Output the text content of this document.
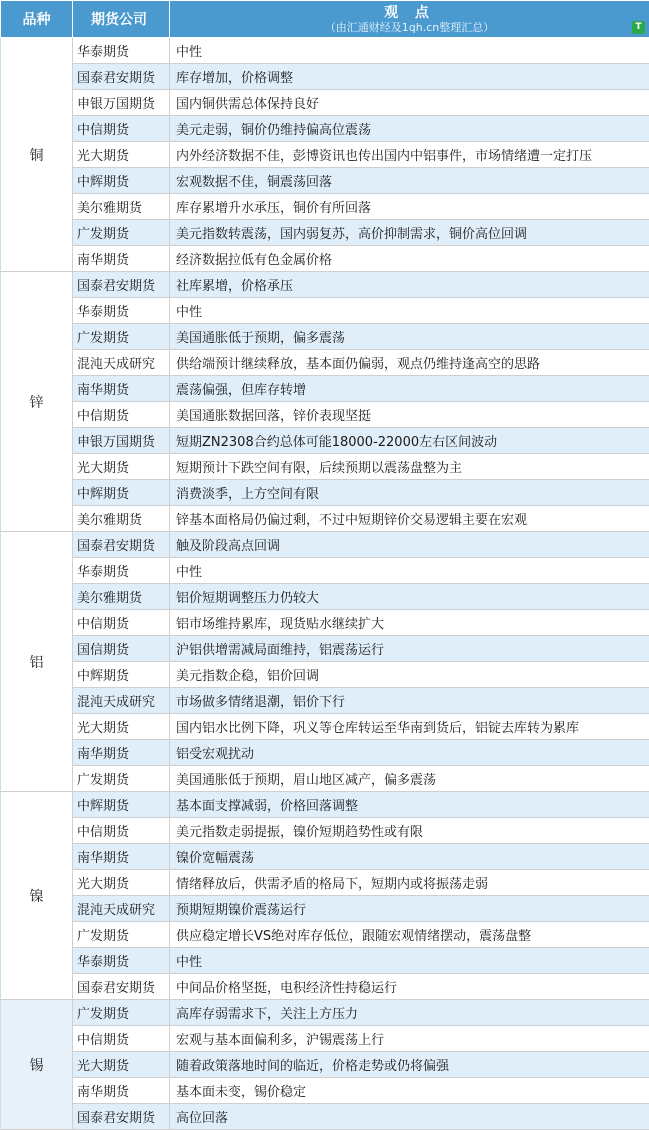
品种	期货公司	观 点
（由汇通财经及1qh.cn整理汇总） T

铜	华泰期货	中性
	国泰君安期货	库存增加，价格调整
	申银万国期货	国内铜供需总体保持良好
	中信期货	美元走弱，铜价仍维持偏高位震荡
	光大期货	内外经济数据不佳，彭博资讯也传出国内中铝事件，市场情绪遭一定打压
	中辉期货	宏观数据不佳，铜震荡回落
	美尔雅期货	库存累增升水承压，铜价有所回落
	广发期货	美元指数转震荡，国内弱复苏，高价抑制需求，铜价高位回调
	南华期货	经济数据拉低有色金属价格
锌	国泰君安期货	社库累增，价格承压
	华泰期货	中性
	广发期货	美国通胀低于预期，偏多震荡
	混沌天成研究	供给端预计继续释放，基本面仍偏弱，观点仍维持逢高空的思路
	南华期货	震荡偏强，但库存转增
	中信期货	美国通胀数据回落，锌价表现坚挺
	申银万国期货	短期ZN2308合约总体可能18000-22000左右区间波动
	光大期货	短期预计下跌空间有限，后续预期以震荡盘整为主
	中辉期货	消费淡季，上方空间有限
	美尔雅期货	锌基本面格局仍偏过剩，不过中短期锌价交易逻辑主要在宏观
铝	国泰君安期货	触及阶段高点回调
	华泰期货	中性
	美尔雅期货	铝价短期调整压力仍较大
	中信期货	铝市场维持累库，现货贴水继续扩大
	国信期货	沪铝供增需减局面维持，铝震荡运行
	中辉期货	美元指数企稳，铝价回调
	混沌天成研究	市场做多情绪退潮，铝价下行
	光大期货	国内铝水比例下降，巩义等仓库转运至华南到货后，铝锭去库转为累库
	南华期货	铝受宏观扰动
	广发期货	美国通胀低于预期，眉山地区减产，偏多震荡
镍	中辉期货	基本面支撑减弱，价格回落调整
	中信期货	美元指数走弱提振，镍价短期趋势性或有限
	南华期货	镍价宽幅震荡
	光大期货	情绪释放后，供需矛盾的格局下，短期内或将振荡走弱
	混沌天成研究	预期短期镍价震荡运行
	广发期货	供应稳定增长VS绝对库存低位，跟随宏观情绪摆动，震荡盘整
	华泰期货	中性
	国泰君安期货	中间品价格坚挺，电积经济性持稳运行
锡	广发期货	高库存弱需求下，关注上方压力
	中信期货	宏观与基本面偏利多，沪锡震荡上行
	光大期货	随着政策落地时间的临近，价格走势或仍将偏强
	南华期货	基本面未变，锡价稳定
	国泰君安期货	高位回落
